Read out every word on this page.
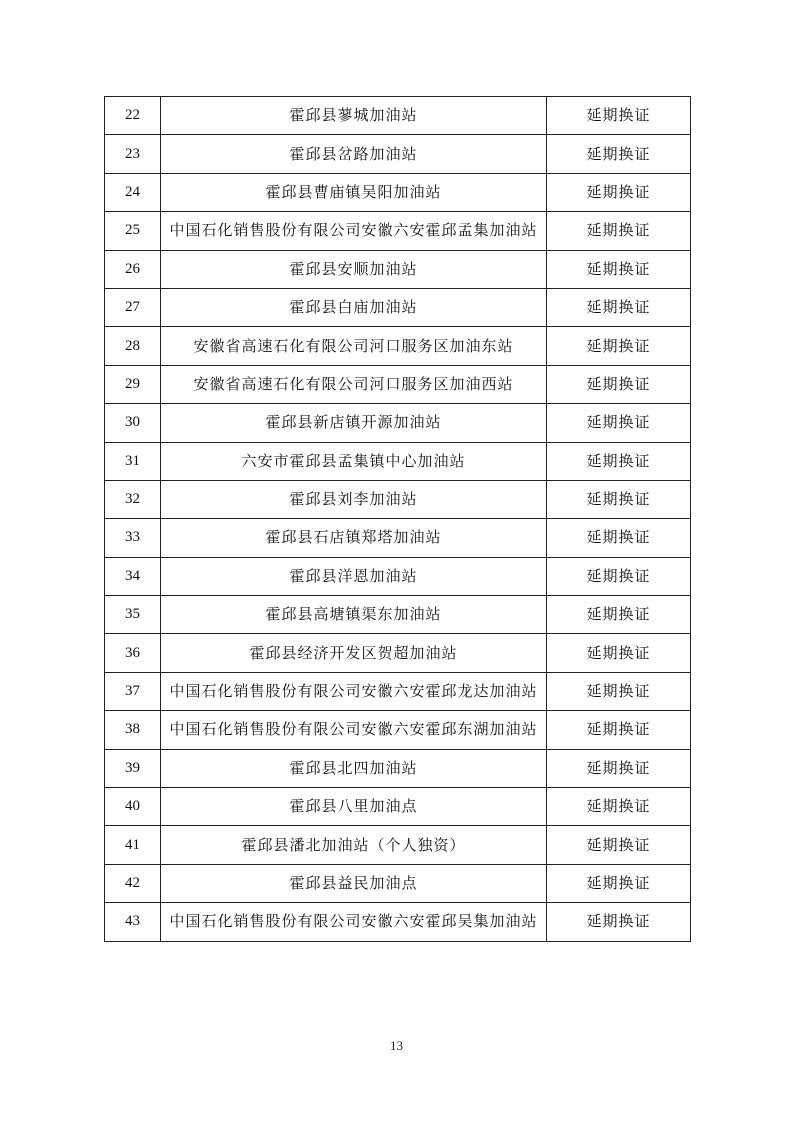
22	霍邱县蓼城加油站	延期换证
23	霍邱县岔路加油站	延期换证
24	霍邱县曹庙镇吴阳加油站	延期换证
25	中国石化销售股份有限公司安徽六安霍邱孟集加油站	延期换证
26	霍邱县安顺加油站	延期换证
27	霍邱县白庙加油站	延期换证
28	安徽省高速石化有限公司河口服务区加油东站	延期换证
29	安徽省高速石化有限公司河口服务区加油西站	延期换证
30	霍邱县新店镇开源加油站	延期换证
31	六安市霍邱县孟集镇中心加油站	延期换证
32	霍邱县刘李加油站	延期换证
33	霍邱县石店镇郑塔加油站	延期换证
34	霍邱县洋恩加油站	延期换证
35	霍邱县高塘镇渠东加油站	延期换证
36	霍邱县经济开发区贺超加油站	延期换证
37	中国石化销售股份有限公司安徽六安霍邱龙达加油站	延期换证
38	中国石化销售股份有限公司安徽六安霍邱东湖加油站	延期换证
39	霍邱县北四加油站	延期换证
40	霍邱县八里加油点	延期换证
41	霍邱县潘北加油站（个人独资）	延期换证
42	霍邱县益民加油点	延期换证
43	中国石化销售股份有限公司安徽六安霍邱吴集加油站	延期换证
13
